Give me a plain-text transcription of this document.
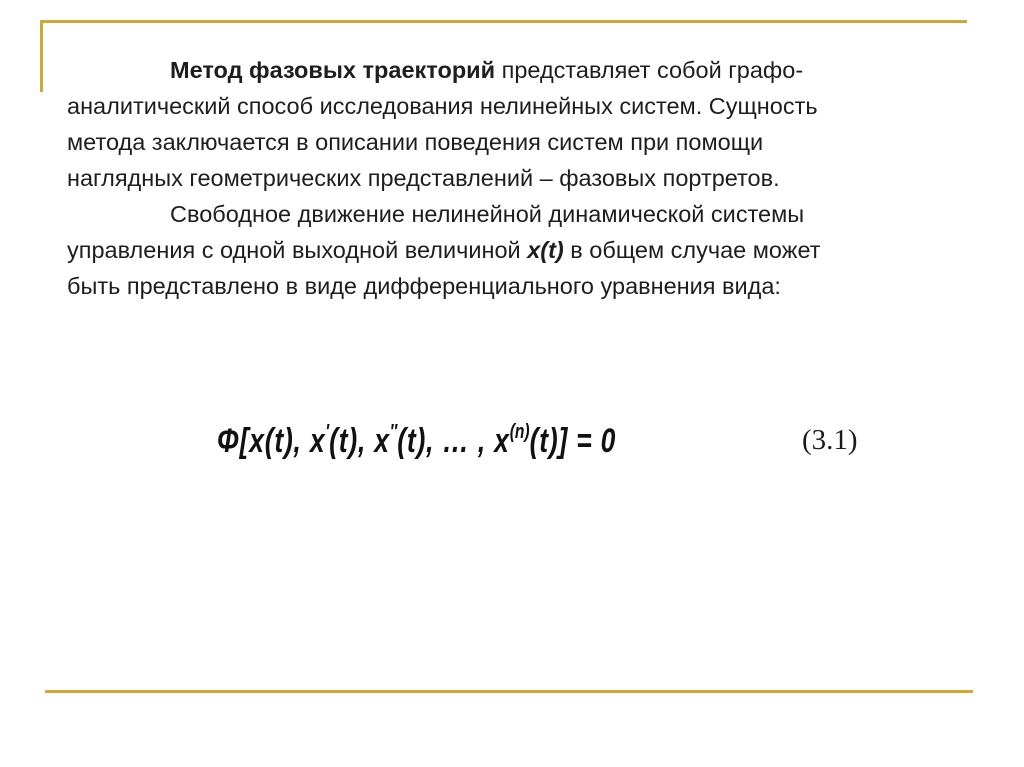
Метод фазовых траекторий представляет собой графо-
аналитический способ исследования нелинейных систем. Сущность
метода заключается в описании поведения систем при помощи
наглядных геометрических представлений – фазовых портретов.

Свободное движение нелинейной динамической системы
управления с одной выходной величиной x(t) в общем случае может
быть представлено в виде дифференциального уравнения вида:

Φ[x(t), x′(t), x″(t), … , $x^{(n)}(t)] = 0$	(3.1)
